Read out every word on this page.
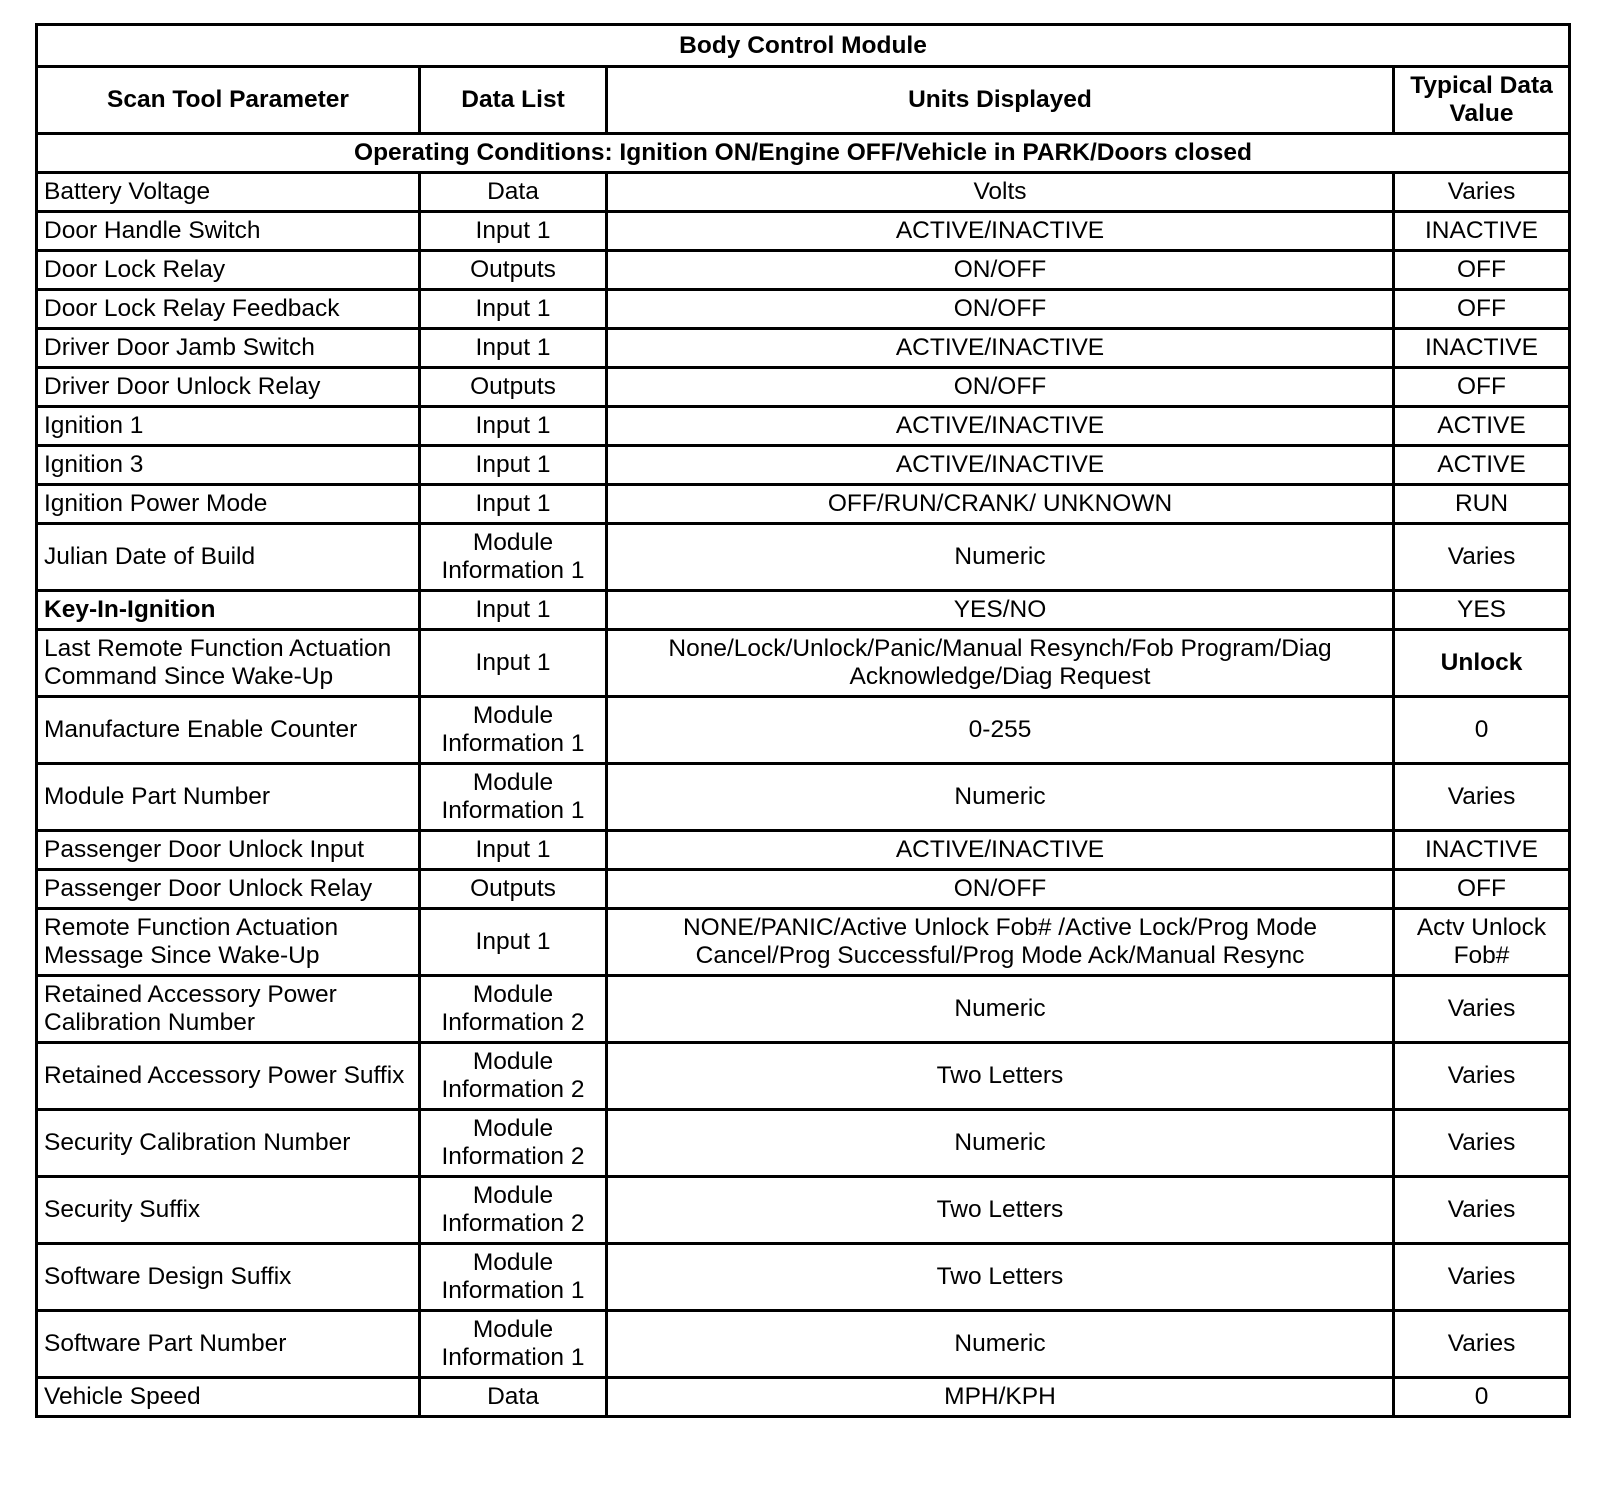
Body Control Module			
Scan Tool Parameter	Data List	Units Displayed	Typical Data Value
Operating Conditions: Ignition ON/Engine OFF/Vehicle in PARK/Doors closed			
Battery Voltage	Data	Volts	Varies
Door Handle Switch	Input 1	ACTIVE/INACTIVE	INACTIVE
Door Lock Relay	Outputs	ON/OFF	OFF
Door Lock Relay Feedback	Input 1	ON/OFF	OFF
Driver Door Jamb Switch	Input 1	ACTIVE/INACTIVE	INACTIVE
Driver Door Unlock Relay	Outputs	ON/OFF	OFF
Ignition 1	Input 1	ACTIVE/INACTIVE	ACTIVE
Ignition 3	Input 1	ACTIVE/INACTIVE	ACTIVE
Ignition Power Mode	Input 1	OFF/RUN/CRANK/ UNKNOWN	RUN
Julian Date of Build	Module Information 1	Numeric	Varies
Key-In-Ignition	Input 1	YES/NO	YES
Last Remote Function Actuation Command Since Wake-Up	Input 1	None/Lock/Unlock/Panic/Manual Resynch/Fob Program/Diag Acknowledge/Diag Request	Unlock
Manufacture Enable Counter	Module Information 1	0-255	0
Module Part Number	Module Information 1	Numeric	Varies
Passenger Door Unlock Input	Input 1	ACTIVE/INACTIVE	INACTIVE
Passenger Door Unlock Relay	Outputs	ON/OFF	OFF
Remote Function Actuation Message Since Wake-Up	Input 1	NONE/PANIC/Active Unlock Fob# /Active Lock/Prog Mode Cancel/Prog Successful/Prog Mode Ack/Manual Resync	Actv Unlock Fob#
Retained Accessory Power Calibration Number	Module Information 2	Numeric	Varies
Retained Accessory Power Suffix	Module Information 2	Two Letters	Varies
Security Calibration Number	Module Information 2	Numeric	Varies
Security Suffix	Module Information 2	Two Letters	Varies
Software Design Suffix	Module Information 1	Two Letters	Varies
Software Part Number	Module Information 1	Numeric	Varies
Vehicle Speed	Data	MPH/KPH	0
